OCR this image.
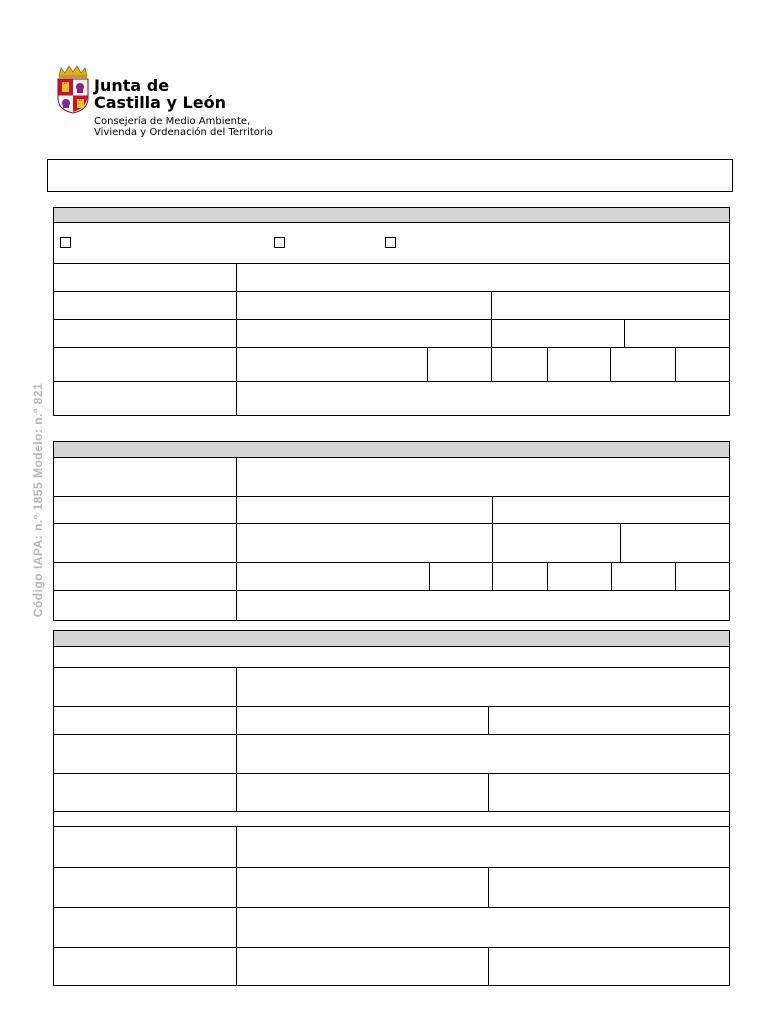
Junta de
Castilla y León
Consejería de Medio Ambiente,
Vivienda y Ordenación del Territorio
Código IAPA: n.º 1855 Modelo: n.º 821
